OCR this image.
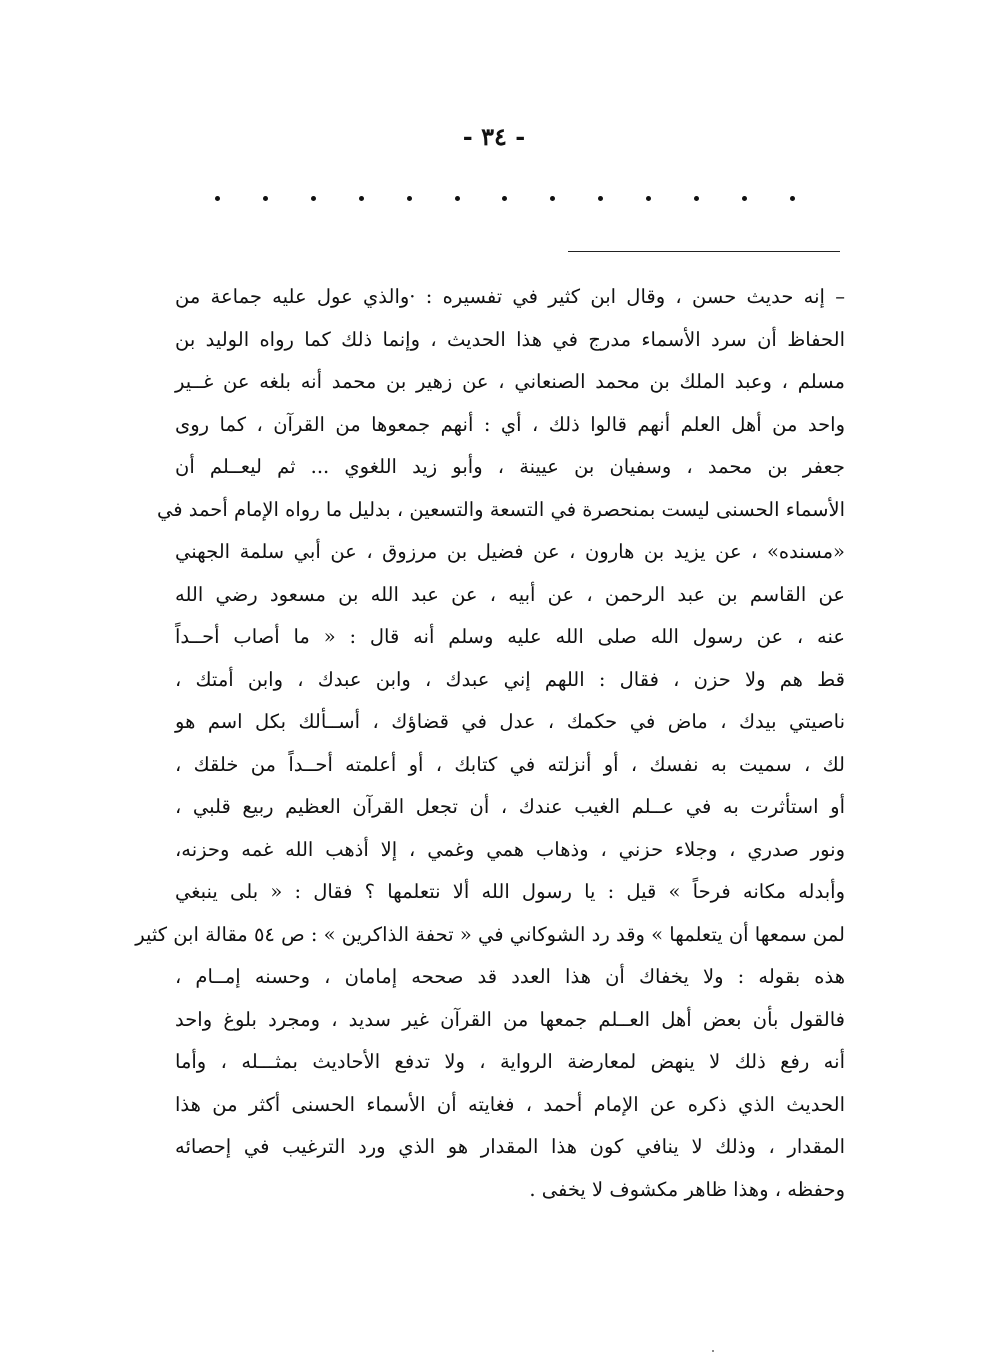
- ٣٤ -
– إنه حديث حسن ، وقال ابن كثير في تفسيره : ·والذي عول عليه جماعة من
الحفاظ أن سرد الأسماء مدرج في هذا الحديث ، وإنما ذلك كما رواه الوليد بن
مسلم ، وعبد الملك بن محمد الصنعاني ، عن زهير بن محمد أنه بلغه عن غــير
واحد من أهل العلم أنهم قالوا ذلك ، أي : أنهم جمعوها من القرآن ، كما روى
جعفر بن محمد ، وسفيان بن عيينة ، وأبو زيد اللغوي ... ثم ليعــلم أن
الأسماء الحسنى ليست بمنحصرة في التسعة والتسعين ، بدليل ما رواه الإمام أحمد في
«مسنده» ، عن يزيد بن هارون ، عن فضيل بن مرزوق ، عن أبي سلمة الجهني
عن القاسم بن عبد الرحمن ، عن أبيه ، عن عبد الله بن مسعود رضي الله
عنه ، عن رسول الله صلى الله عليه وسلم أنه قال : « ما أصاب أحــداً
قط هم ولا حزن ، فقال : اللهم إني عبدك ، وابن عبدك ، وابن أمتك ،
ناصيتي بيدك ، ماض في حكمك ، عدل في قضاؤك ، أســألك بكل اسم هو
لك ، سميت به نفسك ، أو أنزلته في كتابك ، أو أعلمته أحــداً من خلقك ،
أو استأثرت به في عــلم الغيب عندك ، أن تجعل القرآن العظيم ربيع قلبي ،
ونور صدري ، وجلاء حزني ، وذهاب همي وغمي ، إلا أذهب الله غمه وحزنه،
وأبدله مكانه فرحاً » قيل : يا رسول الله ألا نتعلمها ؟ فقال : « بلى ينبغي
لمن سمعها أن يتعلمها » وقد رد الشوكاني في « تحفة الذاكرين » : ص ٥٤ مقالة ابن كثير
هذه بقوله : ولا يخفاك أن هذا العدد قد صححه إمامان ، وحسنه إمــام ،
فالقول بأن بعض أهل العــلم جمعها من القرآن غير سديد ، ومجرد بلوغ واحد
أنه رفع ذلك لا ينهض لمعارضة الرواية ، ولا تدفع الأحاديث بمثـــله ، وأما
الحديث الذي ذكره عن الإمام أحمد ، فغايته أن الأسماء الحسنى أكثر من هذا
المقدار ، وذلك لا ينافي كون هذا المقدار هو الذي ورد الترغيب في إحصائه
وحفظه ، وهذا ظاهر مكشوف لا يخفى .
